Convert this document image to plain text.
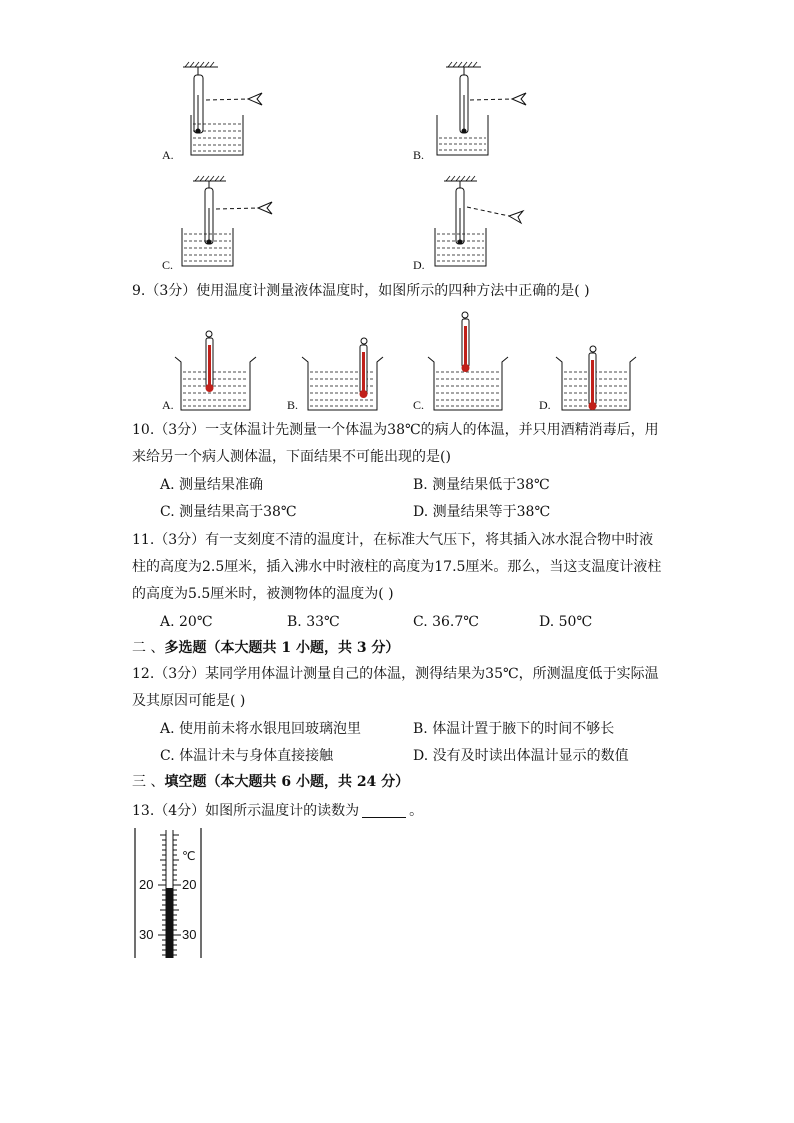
A.	B.
C.	D.
9.（3分）使用温度计测量液体温度时，如图所示的四种方法中正确的是( )
A.	B.	C.	D.
10.（3分）一支体温计先测量一个体温为38℃的病人的体温，并只用酒精消毒后，用
来给另一个病人测体温，下面结果不可能出现的是()
A. 测量结果准确	B. 测量结果低于38℃
C. 测量结果高于38℃	D. 测量结果等于38℃
11.（3分）有一支刻度不清的温度计，在标准大气压下，将其插入冰水混合物中时液
柱的高度为2.5厘米，插入沸水中时液柱的高度为17.5厘米。那么，当这支温度计液柱
的高度为5.5厘米时，被测物体的温度为( )
A. 20℃	B. 33℃	C. 36.7℃	D. 50℃
二 、多选题（本大题共 1 小题，共 3 分）
12.（3分）某同学用体温计测量自己的体温，测得结果为35℃，所测温度低于实际温
及其原因可能是( )
A. 使用前未将水银甩回玻璃泡里	B. 体温计置于腋下的时间不够长
C. 体温计未与身体直接接触	D. 没有及时读出体温计显示的数值
三 、填空题（本大题共 6 小题，共 24 分）
13.（4分）如图所示温度计的读数为	。
℃
20 20
30 30
